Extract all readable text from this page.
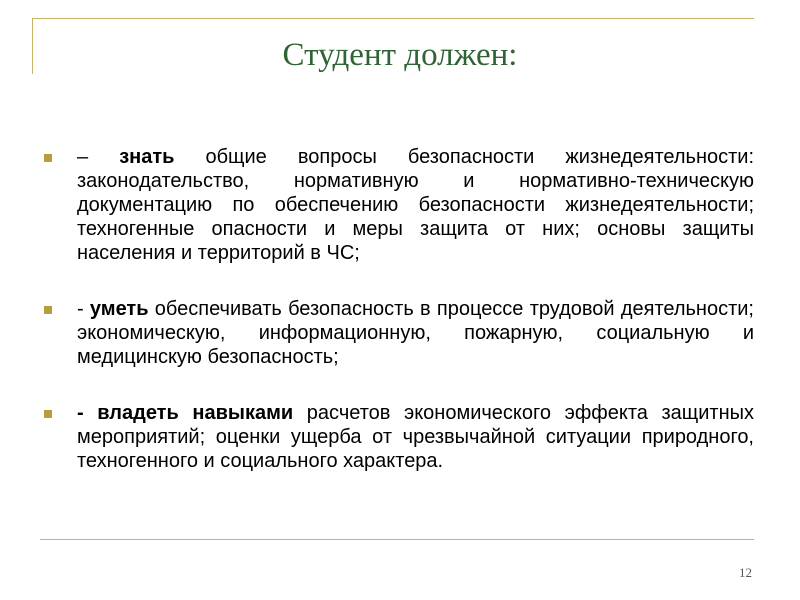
Студент должен:
– знать общие вопросы безопасности жизнедеятельности: законодательство, нормативную и нормативно-техническую документацию по обеспечению безопасности жизнедеятельности; техногенные опасности и меры защита от них; основы защиты населения и территорий в ЧС;
- уметь обеспечивать безопасность в процессе трудовой деятельности; экономическую, информационную, пожарную, социальную и медицинскую безопасность;
- владеть навыками расчетов экономического эффекта защитных мероприятий; оценки ущерба от чрезвычайной ситуации природного, техногенного и социального характера.
12
